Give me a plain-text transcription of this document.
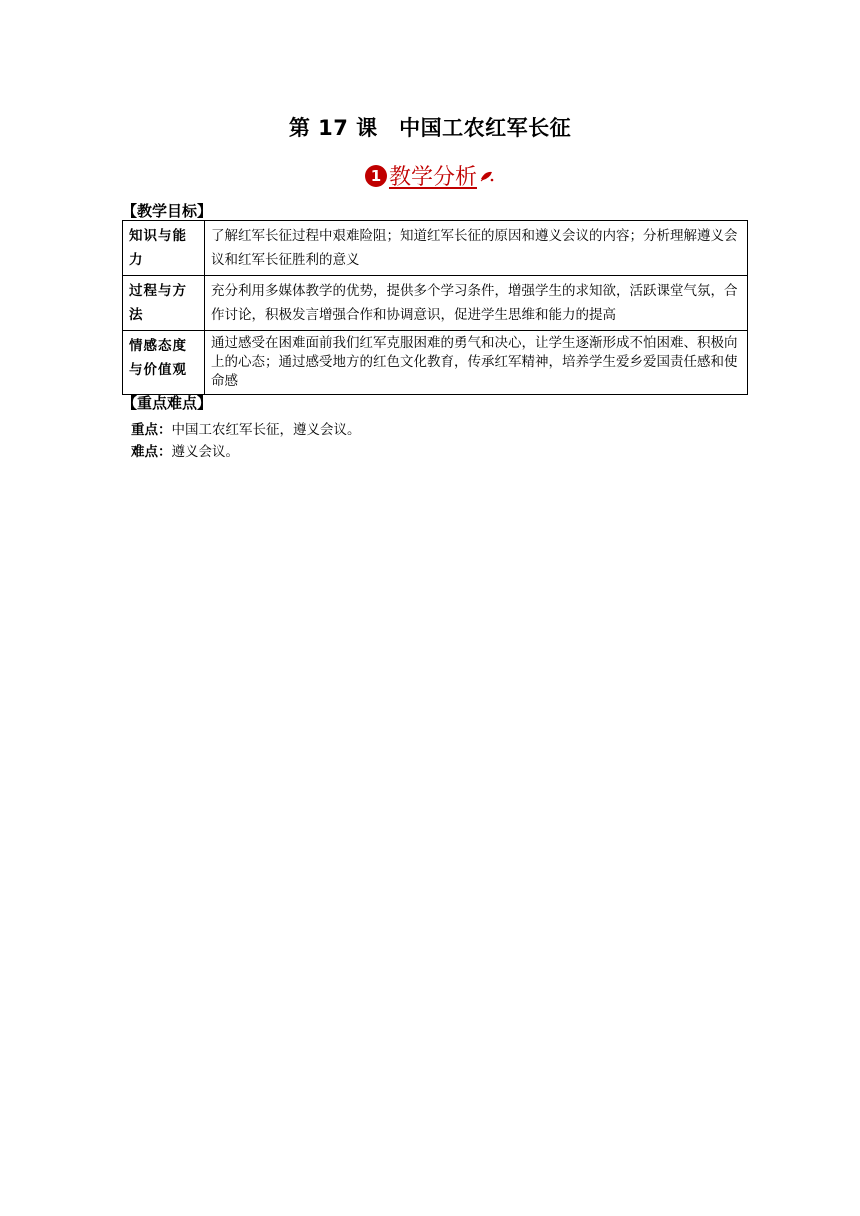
第 17 课　中国工农红军长征
1 教学分析
【教学目标】
知识与能力	了解红军长征过程中艰难险阻；知道红军长征的原因和遵义会议的内容；分析理解遵义会议和红军长征胜利的意义
过程与方法	充分利用多媒体教学的优势，提供多个学习条件，增强学生的求知欲，活跃课堂气氛，合作讨论，积极发言增强合作和协调意识，促进学生思维和能力的提高
情感态度与价值观	通过感受在困难面前我们红军克服困难的勇气和决心，让学生逐渐形成不怕困难、积极向上的心态；通过感受地方的红色文化教育，传承红军精神，培养学生爱乡爱国责任感和使命感
【重点难点】
重点：中国工农红军长征，遵义会议。
难点：遵义会议。
